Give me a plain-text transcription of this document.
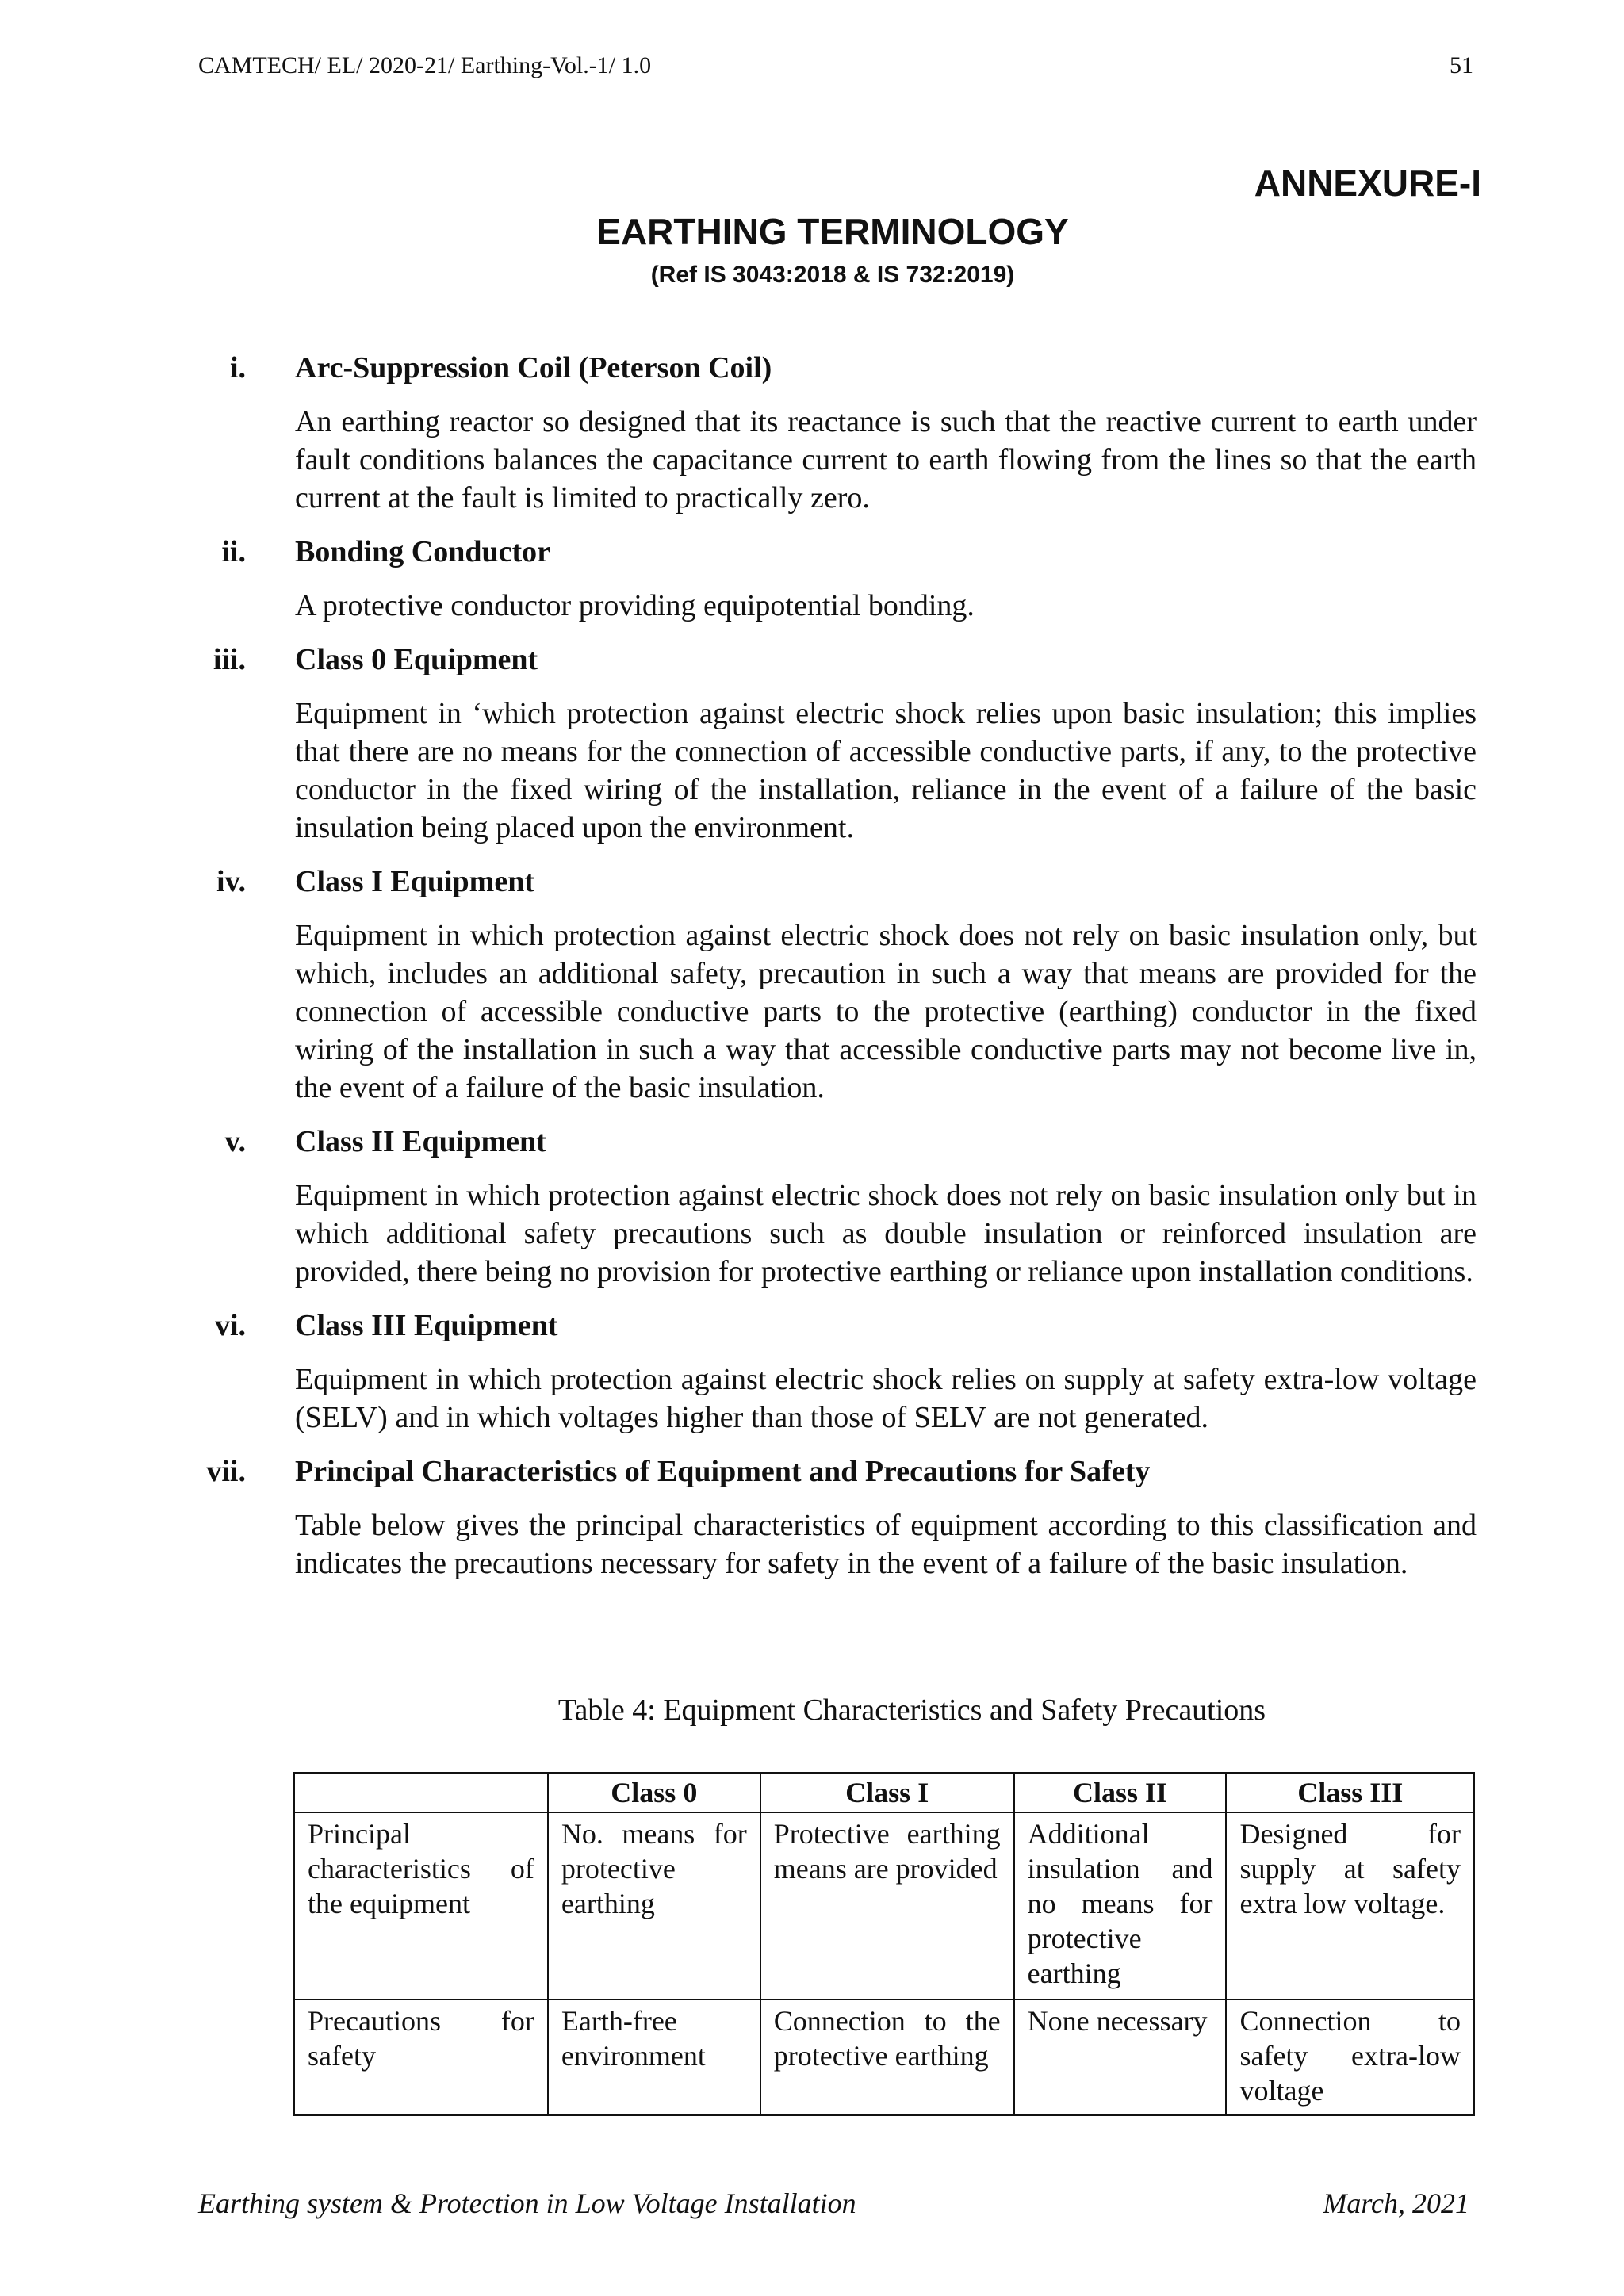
CAMTECH/ EL/ 2020-21/ Earthing-Vol.-1/ 1.0	51
ANNEXURE-I
EARTHING TERMINOLOGY
(Ref IS 3043:2018 & IS 732:2019)
i. Arc-Suppression Coil (Peterson Coil)
An earthing reactor so designed that its reactance is such that the reactive current to earth under fault conditions balances the capacitance current to earth flowing from the lines so that the earth current at the fault is limited to practically zero.
ii. Bonding Conductor
A protective conductor providing equipotential bonding.
iii. Class 0 Equipment
Equipment in ‘which protection against electric shock relies upon basic insulation; this implies that there are no means for the connection of accessible conductive parts, if any, to the protective conductor in the fixed wiring of the installation, reliance in the event of a failure of the basic insulation being placed upon the environment.
iv. Class I Equipment
Equipment in which protection against electric shock does not rely on basic insulation only, but which, includes an additional safety, precaution in such a way that means are provided for the connection of accessible conductive parts to the protective (earthing) conductor in the fixed wiring of the installation in such a way that accessible conductive parts may not become live in, the event of a failure of the basic insulation.
v. Class II Equipment
Equipment in which protection against electric shock does not rely on basic insulation only but in which additional safety precautions such as double insulation or reinforced insulation are provided, there being no provision for protective earthing or reliance upon installation conditions.
vi. Class III Equipment
Equipment in which protection against electric shock relies on supply at safety extra-low voltage (SELV) and in which voltages higher than those of SELV are not generated.
vii. Principal Characteristics of Equipment and Precautions for Safety
Table below gives the principal characteristics of equipment according to this classification and indicates the precautions necessary for safety in the event of a failure of the basic insulation.
Table 4: Equipment Characteristics and Safety Precautions
	Class 0	Class I	Class II	Class III
Principal characteristics of the equipment	No. means for protective earthing	Protective earthing means are provided	Additional insulation and no means for protective earthing	Designed for supply at safety extra low voltage.
Precautions for safety	Earth-free environment	Connection to the protective earthing	None necessary	Connection to safety extra-low voltage
Earthing system & Protection in Low Voltage Installation	March, 2021
